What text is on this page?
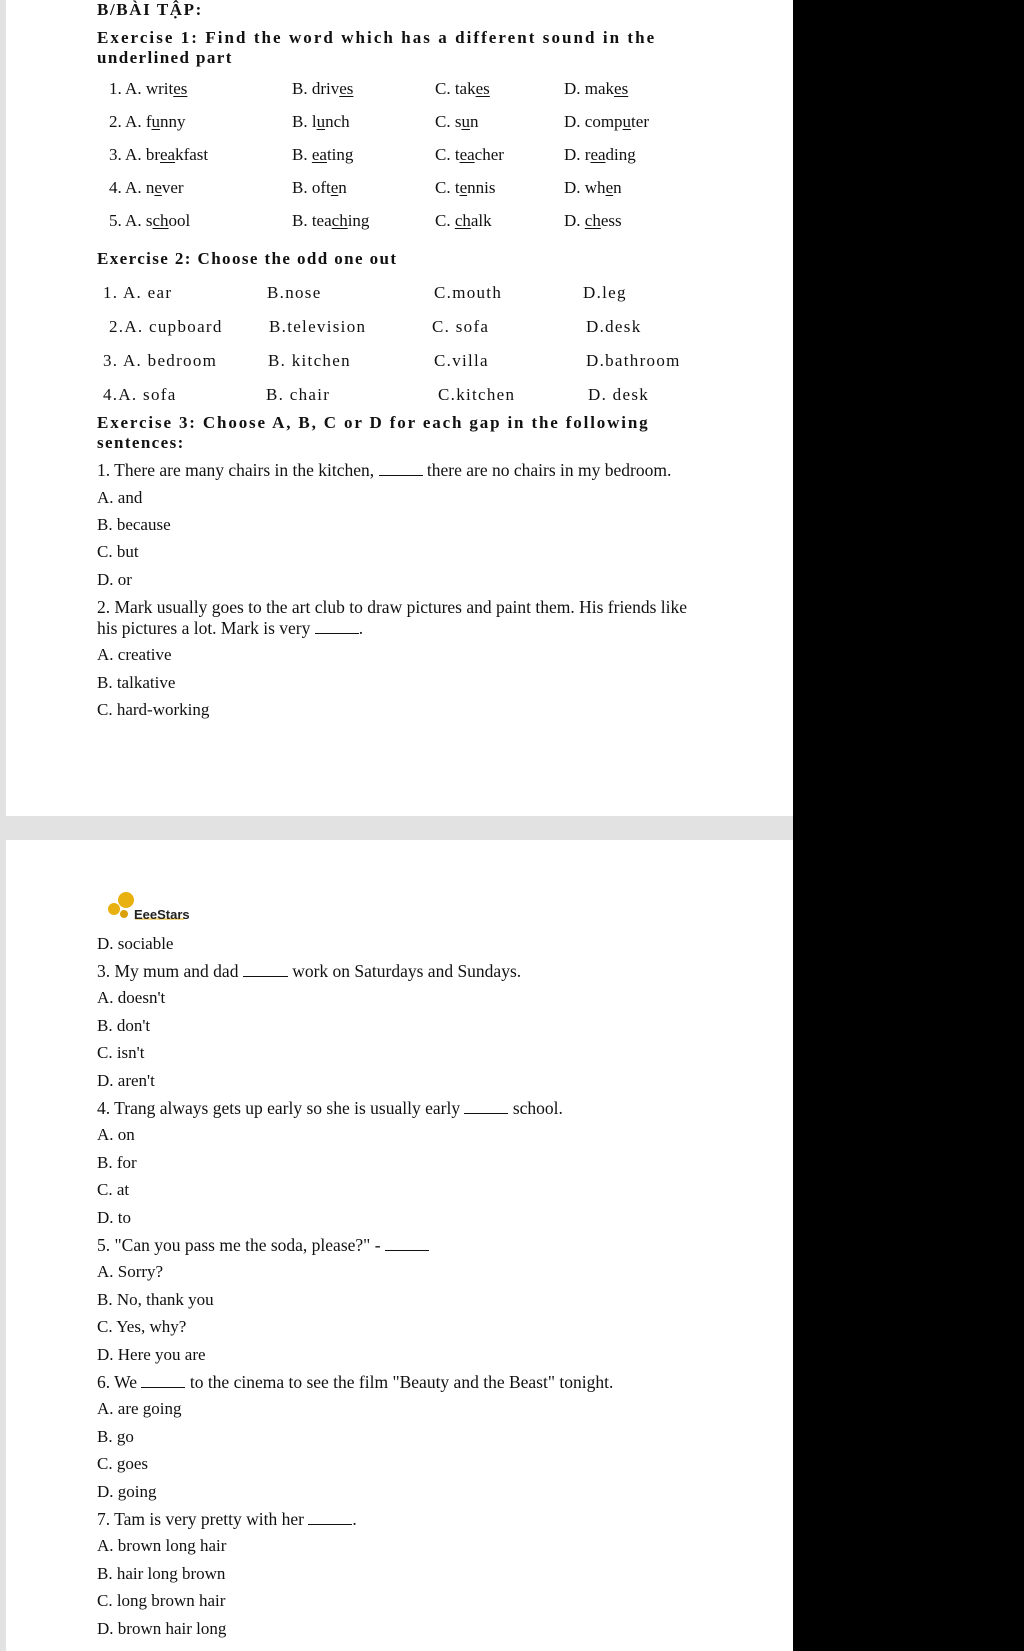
B/BÀI TẬP:
Exercise 1: Find the word which has a different sound in the
underlined part
1. A. writes	B. drives	C. takes	D. makes
2. A. funny	B. lunch	C. sun	D. computer
3. A. breakfast	B. eating	C. teacher	D. reading
4. A. never	B. often	C. tennis	D. when
5. A. school	B. teaching	C. chalk	D. chess
Exercise 2: Choose the odd one out
1. A. ear	B.nose	C.mouth	D.leg
2.A. cupboard	B.television	C. sofa	D.desk
3. A. bedroom	B. kitchen	C.villa	D.bathroom
4.A. sofa	B. chair	C.kitchen	D. desk
Exercise 3: Choose A, B, C or D for each gap in the following
sentences:
1. There are many chairs in the kitchen,	there are no chairs in my bedroom.
A. and
B. because
C. but
D. or
2. Mark usually goes to the art club to draw pictures and paint them. His friends like
his pictures a lot. Mark is very	.
A. creative
B. talkative
C. hard-working
EeeStars
D. sociable
3. My mum and dad	work on Saturdays and Sundays.
A. doesn't
B. don't
C. isn't
D. aren't
4. Trang always gets up early so she is usually early	school.
A. on
B. for
C. at
D. to
5. "Can you pass me the soda, please?" -
A. Sorry?
B. No, thank you
C. Yes, why?
D. Here you are
6. We	to the cinema to see the film "Beauty and the Beast" tonight.
A. are going
B. go
C. goes
D. going
7. Tam is very pretty with her	.
A. brown long hair
B. hair long brown
C. long brown hair
D. brown hair long
